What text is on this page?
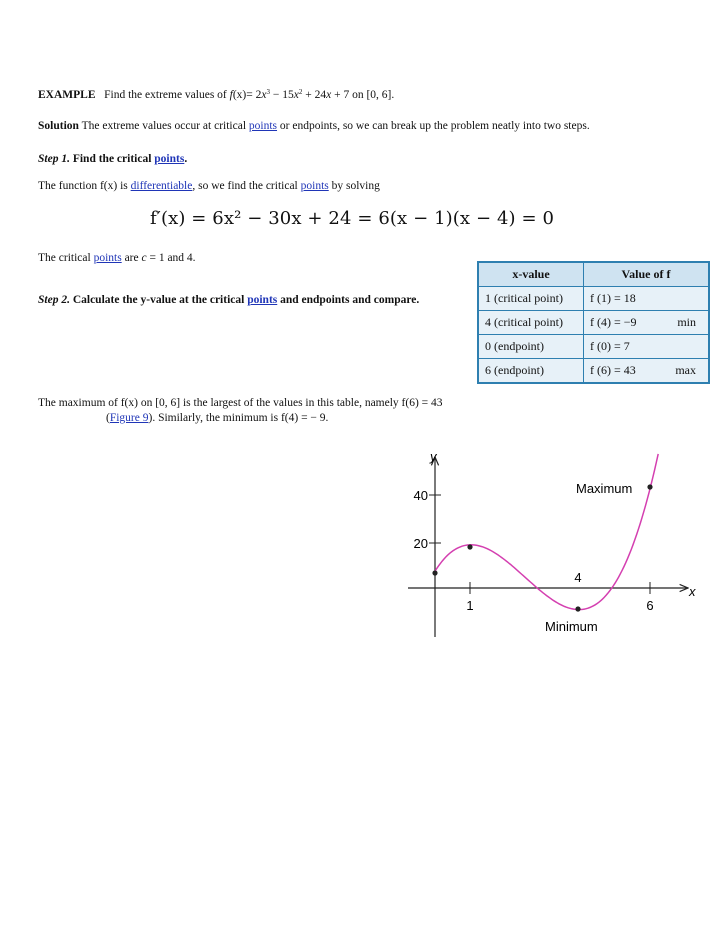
EXAMPLE Find the extreme values of $f(x)= 2x^3 - 15x^2 + 24x + 7$ on [0, 6].
Solution The extreme values occur at critical points or endpoints, so we can break up the problem neatly into two steps.
Step 1. Find the critical points.
The function f(x) is differentiable, so we find the critical points by solving
f′(x) = 6x² − 30x + 24 = 6(x − 1)(x − 4) = 0
The critical points are c = 1 and 4.
Step 2. Calculate the y-value at the critical points and endpoints and compare.
x-value	Value of f
1 (critical point)	f (1) = 18

4 (critical point)	f (4) = −9 min

0 (endpoint)	f (0) = 7

6 (endpoint)	f (6) = 43 max
The maximum of f(x) on [0, 6] is the largest of the values in this table, namely f(6) = 43
(Figure 9). Similarly, the minimum is f(4) = − 9.
y
x
40
20
1	6
4
Maximum
Minimum
